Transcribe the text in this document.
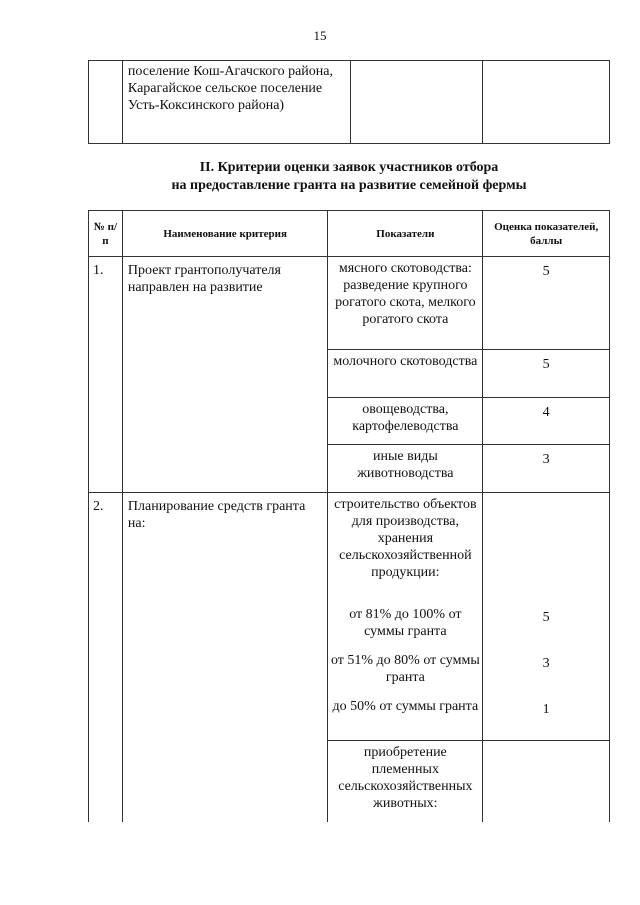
15
	поселение Кош-Агачского района, Карагайское сельское поселение Усть-Коксинского района)		
II. Критерии оценки заявок участников отбора
на предоставление гранта на развитие семейной фермы
№ п/п	Наименование критерия	Показатели	Оценка показателей, баллы
1.	Проект грантополучателя направлен на развитие	мясного скотоводства: разведение крупного рогатого скота, мелкого рогатого скота	5
		молочного скотоводства	5
		овощеводства, картофелеводства	4
		иные виды животноводства	3
2.	Планирование средств гранта на:	строительство объектов для производства, хранения сельскохозяйственной продукции:	
		от 81% до 100% от суммы гранта	5
		от 51% до 80% от суммы гранта	3
		до 50% от суммы гранта	1
		приобретение племенных сельскохозяйственных животных:	
